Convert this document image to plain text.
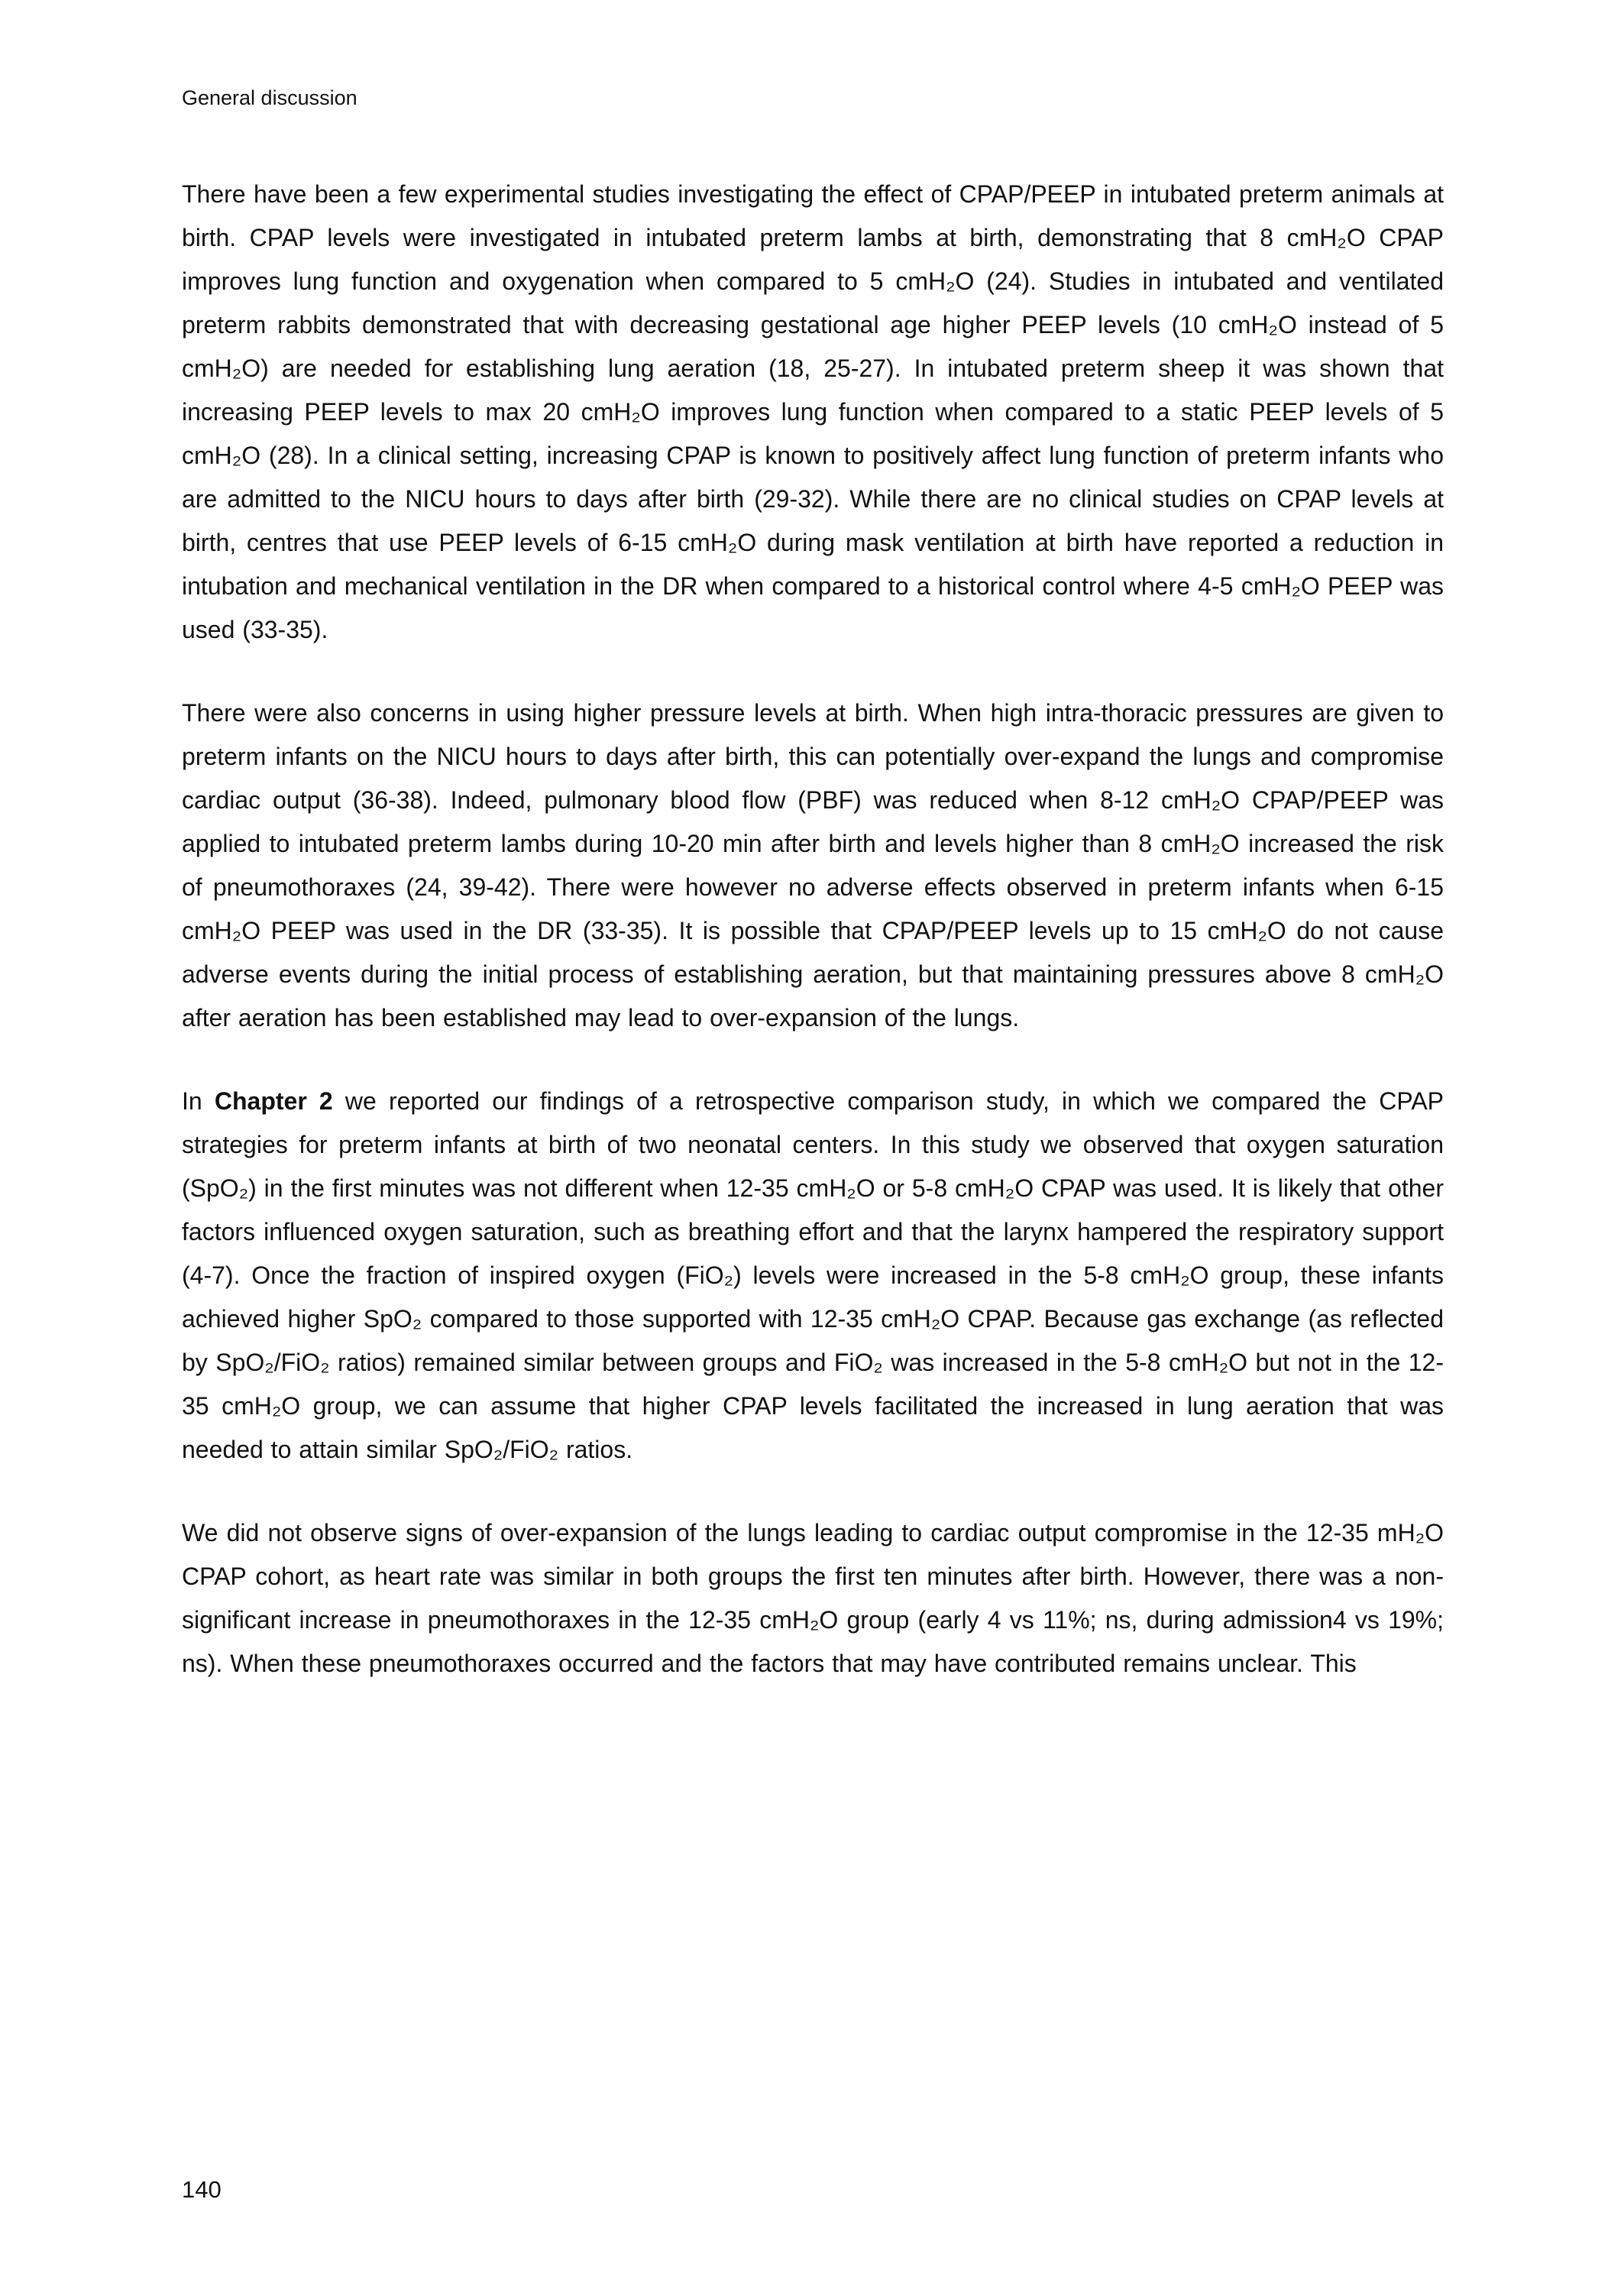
General discussion

There have been a few experimental studies investigating the effect of CPAP/PEEP in intubated preterm animals at birth. CPAP levels were investigated in intubated preterm lambs at birth, demonstrating that 8 cmH₂O CPAP improves lung function and oxygenation when compared to 5 cmH₂O (24). Studies in intubated and ventilated preterm rabbits demonstrated that with decreasing gestational age higher PEEP levels (10 cmH₂O instead of 5 cmH₂O) are needed for establishing lung aeration (18, 25-27). In intubated preterm sheep it was shown that increasing PEEP levels to max 20 cmH₂O improves lung function when compared to a static PEEP levels of 5 cmH₂O (28). In a clinical setting, increasing CPAP is known to positively affect lung function of preterm infants who are admitted to the NICU hours to days after birth (29-32). While there are no clinical studies on CPAP levels at birth, centres that use PEEP levels of 6-15 cmH₂O during mask ventilation at birth have reported a reduction in intubation and mechanical ventilation in the DR when compared to a historical control where 4-5 cmH₂O PEEP was used (33-35).

There were also concerns in using higher pressure levels at birth. When high intra-thoracic pressures are given to preterm infants on the NICU hours to days after birth, this can potentially over-expand the lungs and compromise cardiac output (36-38). Indeed, pulmonary blood flow (PBF) was reduced when 8-12 cmH₂O CPAP/PEEP was applied to intubated preterm lambs during 10-20 min after birth and levels higher than 8 cmH₂O increased the risk of pneumothoraxes (24, 39-42). There were however no adverse effects observed in preterm infants when 6-15 cmH₂O PEEP was used in the DR (33-35). It is possible that CPAP/PEEP levels up to 15 cmH₂O do not cause adverse events during the initial process of establishing aeration, but that maintaining pressures above 8 cmH₂O after aeration has been established may lead to over-expansion of the lungs.

In Chapter 2 we reported our findings of a retrospective comparison study, in which we compared the CPAP strategies for preterm infants at birth of two neonatal centers. In this study we observed that oxygen saturation (SpO₂) in the first minutes was not different when 12-35 cmH₂O or 5-8 cmH₂O CPAP was used. It is likely that other factors influenced oxygen saturation, such as breathing effort and that the larynx hampered the respiratory support (4-7). Once the fraction of inspired oxygen (FiO₂) levels were increased in the 5-8 cmH₂O group, these infants achieved higher SpO₂ compared to those supported with 12-35 cmH₂O CPAP. Because gas exchange (as reflected by SpO₂/FiO₂ ratios) remained similar between groups and FiO₂ was increased in the 5-8 cmH₂O but not in the 12-35 cmH₂O group, we can assume that higher CPAP levels facilitated the increased in lung aeration that was needed to attain similar SpO₂/FiO₂ ratios.

We did not observe signs of over-expansion of the lungs leading to cardiac output compromise in the 12-35 mH₂O CPAP cohort, as heart rate was similar in both groups the first ten minutes after birth. However, there was a non-significant increase in pneumothoraxes in the 12-35 cmH₂O group (early 4 vs 11%; ns, during admission4 vs 19%; ns). When these pneumothoraxes occurred and the factors that may have contributed remains unclear. This

140
